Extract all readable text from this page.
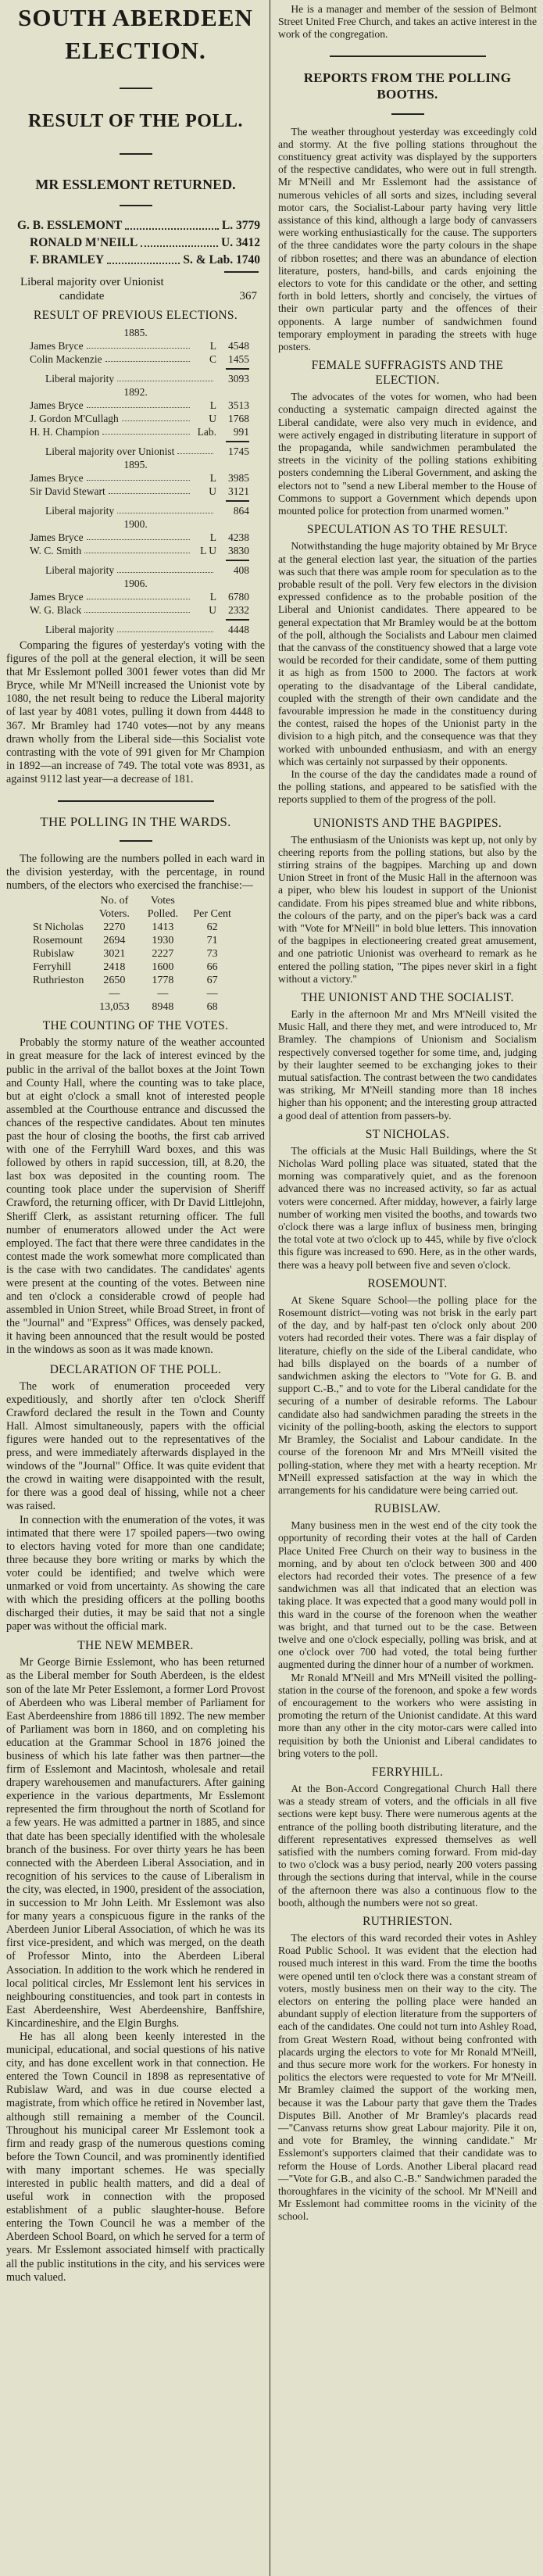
SOUTH ABERDEEN ELECTION.
RESULT OF THE POLL.
MR ESSLEMONT RETURNED.
G. B. ESSLEMONT	L. 3779
RONALD M'NEILL	U. 3412
F. BRAMLEY	S. & Lab. 1740
Liberal majority over Unionist
candidate	367
RESULT OF PREVIOUS ELECTIONS.
1885.
James Bryce	L	4548
Colin Mackenzie	C	1455
Liberal majority	3093
1892.
James Bryce	L	3513
J. Gordon M'Cullagh	U	1768
H. H. Champion	Lab.	991
Liberal majority over Unionist	1745
1895.
James Bryce	L	3985
Sir David Stewart	U	3121
Liberal majority	864
1900.
James Bryce	L	4238
W. C. Smith	L U	3830
Liberal majority	408
1906.
James Bryce	L	6780
W. G. Black	U	2332
Liberal majority	4448

Comparing the figures of yesterday's voting with the figures of the poll at the general election, it will be seen that Mr Esslemont polled 3001 fewer votes than did Mr Bryce, while Mr M'Neill increased the Unionist vote by 1080, the net result being to reduce the Liberal majority of last year by 4081 votes, pulling it down from 4448 to 367. Mr Bramley had 1740 votes—not by any means drawn wholly from the Liberal side—this Socialist vote contrasting with the vote of 991 given for Mr Champion in 1892—an increase of 749. The total vote was 8931, as against 9112 last year—a decrease of 181.

THE POLLING IN THE WARDS.

The following are the numbers polled in each ward in the division yesterday, with the percentage, in round numbers, of the electors who exercised the franchise:—

	No. of Voters.	Votes Polled.	Per Cent
St Nicholas	2270	1413	62
Rosemount	2694	1930	71
Rubislaw	3021	2227	73
Ferryhill	2418	1600	66
Ruthrieston	2650	1778	67
	—	—	—
	13,053	8948	68
THE COUNTING OF THE VOTES.

Probably the stormy nature of the weather accounted in great measure for the lack of interest evinced by the public in the arrival of the ballot boxes at the Joint Town and County Hall, where the counting was to take place, but at eight o'clock a small knot of interested people assembled at the Courthouse entrance and discussed the chances of the respective candidates. About ten minutes past the hour of closing the booths, the first cab arrived with one of the Ferryhill Ward boxes, and this was followed by others in rapid succession, till, at 8.20, the last box was deposited in the counting room. The counting took place under the supervision of Sheriff Crawford, the returning officer, with Dr David Littlejohn, Sheriff Clerk, as assistant returning officer. The full number of enumerators allowed under the Act were employed. The fact that there were three candidates in the contest made the work somewhat more complicated than is the case with two candidates. The candidates' agents were present at the counting of the votes. Between nine and ten o'clock a considerable crowd of people had assembled in Union Street, while Broad Street, in front of the "Journal" and "Express" Offices, was densely packed, it having been announced that the result would be posted in the windows as soon as it was made known.

DECLARATION OF THE POLL.

The work of enumeration proceeded very expeditiously, and shortly after ten o'clock Sheriff Crawford declared the result in the Town and County Hall. Almost simultaneously, papers with the official figures were handed out to the representatives of the press, and were immediately afterwards displayed in the windows of the "Journal" Office. It was quite evident that the crowd in waiting were disappointed with the result, for there was a good deal of hissing, while not a cheer was raised.

In connection with the enumeration of the votes, it was intimated that there were 17 spoiled papers—two owing to electors having voted for more than one candidate; three because they bore writing or marks by which the voter could be identified; and twelve which were unmarked or void from uncertainty. As showing the care with which the presiding officers at the polling booths discharged their duties, it may be said that not a single paper was without the official mark.

THE NEW MEMBER.

Mr George Birnie Esslemont, who has been returned as the Liberal member for South Aberdeen, is the eldest son of the late Mr Peter Esslemont, a former Lord Provost of Aberdeen who was Liberal member of Parliament for East Aberdeenshire from 1886 till 1892. The new member of Parliament was born in 1860, and on completing his education at the Grammar School in 1876 joined the business of which his late father was then partner—the firm of Esslemont and Macintosh, wholesale and retail drapery warehousemen and manufacturers. After gaining experience in the various departments, Mr Esslemont represented the firm throughout the north of Scotland for a few years. He was admitted a partner in 1885, and since that date has been specially identified with the wholesale branch of the business. For over thirty years he has been connected with the Aberdeen Liberal Association, and in recognition of his services to the cause of Liberalism in the city, was elected, in 1900, president of the association, in succession to Mr John Leith. Mr Esslemont was also for many years a conspicuous figure in the ranks of the Aberdeen Junior Liberal Association, of which he was its first vice-president, and which was merged, on the death of Professor Minto, into the Aberdeen Liberal Association. In addition to the work which he rendered in local political circles, Mr Esslemont lent his services in neighbouring constituencies, and took part in contests in East Aberdeenshire, West Aberdeenshire, Banffshire, Kincardineshire, and the Elgin Burghs.

He has all along been keenly interested in the municipal, educational, and social questions of his native city, and has done excellent work in that connection. He entered the Town Council in 1898 as representative of Rubislaw Ward, and was in due course elected a magistrate, from which office he retired in November last, although still remaining a member of the Council. Throughout his municipal career Mr Esslemont took a firm and ready grasp of the numerous questions coming before the Town Council, and was prominently identified with many important schemes. He was specially interested in public health matters, and did a deal of useful work in connection with the proposed establishment of a public slaughter-house. Before entering the Town Council he was a member of the Aberdeen School Board, on which he served for a term of years. Mr Esslemont associated himself with practically all the public institutions in the city, and his services were much valued.

He is a manager and member of the session of Belmont Street United Free Church, and takes an active interest in the work of the congregation.

REPORTS FROM THE POLLING BOOTHS.

The weather throughout yesterday was exceedingly cold and stormy. At the five polling stations throughout the constituency great activity was displayed by the supporters of the respective candidates, who were out in full strength. Mr M'Neill and Mr Esslemont had the assistance of numerous vehicles of all sorts and sizes, including several motor cars, the Socialist-Labour party having very little assistance of this kind, although a large body of canvassers were working enthusiastically for the cause. The supporters of the three candidates wore the party colours in the shape of ribbon rosettes; and there was an abundance of election literature, posters, hand-bills, and cards enjoining the electors to vote for this candidate or the other, and setting forth in bold letters, shortly and concisely, the virtues of their own particular party and the offences of their opponents. A large number of sandwichmen found temporary employment in parading the streets with huge posters.

FEMALE SUFFRAGISTS AND THE ELECTION.

The advocates of the votes for women, who had been conducting a systematic campaign directed against the Liberal candidate, were also very much in evidence, and were actively engaged in distributing literature in support of the propaganda, while sandwichmen perambulated the streets in the vicinity of the polling stations exhibiting posters condemning the Liberal Government, and asking the electors not to "send a new Liberal member to the House of Commons to support a Government which depends upon mounted police for protection from unarmed women."

SPECULATION AS TO THE RESULT.

Notwithstanding the huge majority obtained by Mr Bryce at the general election last year, the situation of the parties was such that there was ample room for speculation as to the probable result of the poll. Very few electors in the division expressed confidence as to the probable position of the Liberal and Unionist candidates. There appeared to be general expectation that Mr Bramley would be at the bottom of the poll, although the Socialists and Labour men claimed that the canvass of the constituency showed that a large vote would be recorded for their candidate, some of them putting it as high as from 1500 to 2000. The factors at work operating to the disadvantage of the Liberal candidate, coupled with the strength of their own candidate and the favourable impression he made in the constituency during the contest, raised the hopes of the Unionist party in the division to a high pitch, and the consequence was that they worked with unbounded enthusiasm, and with an energy which was certainly not surpassed by their opponents.

In the course of the day the candidates made a round of the polling stations, and appeared to be satisfied with the reports supplied to them of the progress of the poll.

UNIONISTS AND THE BAGPIPES.

The enthusiasm of the Unionists was kept up, not only by cheering reports from the polling stations, but also by the stirring strains of the bagpipes. Marching up and down Union Street in front of the Music Hall in the afternoon was a piper, who blew his loudest in support of the Unionist candidate. From his pipes streamed blue and white ribbons, the colours of the party, and on the piper's back was a card with "Vote for M'Neill" in bold blue letters. This innovation of the bagpipes in electioneering created great amusement, and one patriotic Unionist was overheard to remark as he entered the polling station, "The pipes never skirl in a fight without a victory."

THE UNIONIST AND THE SOCIALIST.

Early in the afternoon Mr and Mrs M'Neill visited the Music Hall, and there they met, and were introduced to, Mr Bramley. The champions of Unionism and Socialism respectively conversed together for some time, and, judging by their laughter seemed to be exchanging jokes to their mutual satisfaction. The contrast between the two candidates was striking, Mr M'Neill standing more than 18 inches higher than his opponent; and the interesting group attracted a good deal of attention from passers-by.

ST NICHOLAS.

The officials at the Music Hall Buildings, where the St Nicholas Ward polling place was situated, stated that the morning was comparatively quiet, and as the forenoon advanced there was no increased activity, so far as actual voters were concerned. After midday, however, a fairly large number of working men visited the booths, and towards two o'clock there was a large influx of business men, bringing the total vote at two o'clock up to 445, while by five o'clock this figure was increased to 690. Here, as in the other wards, there was a heavy poll between five and seven o'clock.

ROSEMOUNT.

At Skene Square School—the polling place for the Rosemount district—voting was not brisk in the early part of the day, and by half-past ten o'clock only about 200 voters had recorded their votes. There was a fair display of literature, chiefly on the side of the Liberal candidate, who had bills displayed on the boards of a number of sandwichmen asking the electors to "Vote for G. B. and support C.-B.," and to vote for the Liberal candidate for the securing of a number of desirable reforms. The Labour candidate also had sandwichmen parading the streets in the vicinity of the polling-booth, asking the electors to support Mr Bramley, the Socialist and Labour candidate. In the course of the forenoon Mr and Mrs M'Neill visited the polling-station, where they met with a hearty reception. Mr M'Neill expressed satisfaction at the way in which the arrangements for his candidature were being carried out.

RUBISLAW.

Many business men in the west end of the city took the opportunity of recording their votes at the hall of Carden Place United Free Church on their way to business in the morning, and by about ten o'clock between 300 and 400 electors had recorded their votes. The presence of a few sandwichmen was all that indicated that an election was taking place. It was expected that a good many would poll in this ward in the course of the forenoon when the weather was bright, and that turned out to be the case. Between twelve and one o'clock especially, polling was brisk, and at one o'clock over 700 had voted, the total being further augmented during the dinner hour of a number of workmen.

Mr Ronald M'Neill and Mrs M'Neill visited the polling-station in the course of the forenoon, and spoke a few words of encouragement to the workers who were assisting in promoting the return of the Unionist candidate. At this ward more than any other in the city motor-cars were called into requisition by both the Unionist and Liberal candidates to bring voters to the poll.

FERRYHILL.

At the Bon-Accord Congregational Church Hall there was a steady stream of voters, and the officials in all five sections were kept busy. There were numerous agents at the entrance of the polling booth distributing literature, and the different representatives expressed themselves as well satisfied with the numbers coming forward. From mid-day to two o'clock was a busy period, nearly 200 voters passing through the sections during that interval, while in the course of the afternoon there was also a continuous flow to the booth, although the numbers were not so great.

RUTHRIESTON.

The electors of this ward recorded their votes in Ashley Road Public School. It was evident that the election had roused much interest in this ward. From the time the booths were opened until ten o'clock there was a constant stream of voters, mostly business men on their way to the city. The electors on entering the polling place were handed an abundant supply of election literature from the supporters of each of the candidates. One could not turn into Ashley Road, from Great Western Road, without being confronted with placards urging the electors to vote for Mr Ronald M'Neill, and thus secure more work for the workers. For honesty in politics the electors were requested to vote for Mr M'Neill. Mr Bramley claimed the support of the working men, because it was the Labour party that gave them the Trades Disputes Bill. Another of Mr Bramley's placards read—"Canvass returns show great Labour majority. Pile it on, and vote for Bramley, the winning candidate." Mr Esslemont's supporters claimed that their candidate was to reform the House of Lords. Another Liberal placard read—"Vote for G.B., and also C.-B." Sandwichmen paraded the thoroughfares in the vicinity of the school. Mr M'Neill and Mr Esslemont had committee rooms in the vicinity of the school.
